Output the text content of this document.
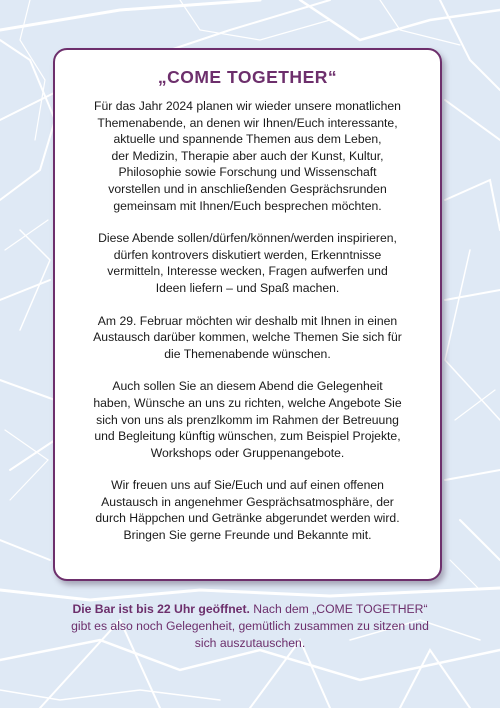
„COME TOGETHER“
Für das Jahr 2024 planen wir wieder unsere monatlichen
Themenabende, an denen wir Ihnen/Euch interessante,
aktuelle und spannende Themen aus dem Leben,
der Medizin, Therapie aber auch der Kunst, Kultur,
Philosophie sowie Forschung und Wissenschaft
vorstellen und in anschließenden Gesprächsrunden
gemeinsam mit Ihnen/Euch besprechen möchten.
Diese Abende sollen/dürfen/können/werden inspirieren,
dürfen kontrovers diskutiert werden, Erkenntnisse
vermitteln, Interesse wecken, Fragen aufwerfen und
Ideen liefern – und Spaß machen.
Am 29. Februar möchten wir deshalb mit Ihnen in einen
Austausch darüber kommen, welche Themen Sie sich für
die Themenabende wünschen.
Auch sollen Sie an diesem Abend die Gelegenheit
haben, Wünsche an uns zu richten, welche Angebote Sie
sich von uns als prenzlkomm im Rahmen der Betreuung
und Begleitung künftig wünschen, zum Beispiel Projekte,
Workshops oder Gruppenangebote.
Wir freuen uns auf Sie/Euch und auf einen offenen
Austausch in angenehmer Gesprächsatmosphäre, der
durch Häppchen und Getränke abgerundet werden wird.
Bringen Sie gerne Freunde und Bekannte mit.
Die Bar ist bis 22 Uhr geöffnet. Nach dem „COME TOGETHER“
gibt es also noch Gelegenheit, gemütlich zusammen zu sitzen und
sich auszutauschen.
